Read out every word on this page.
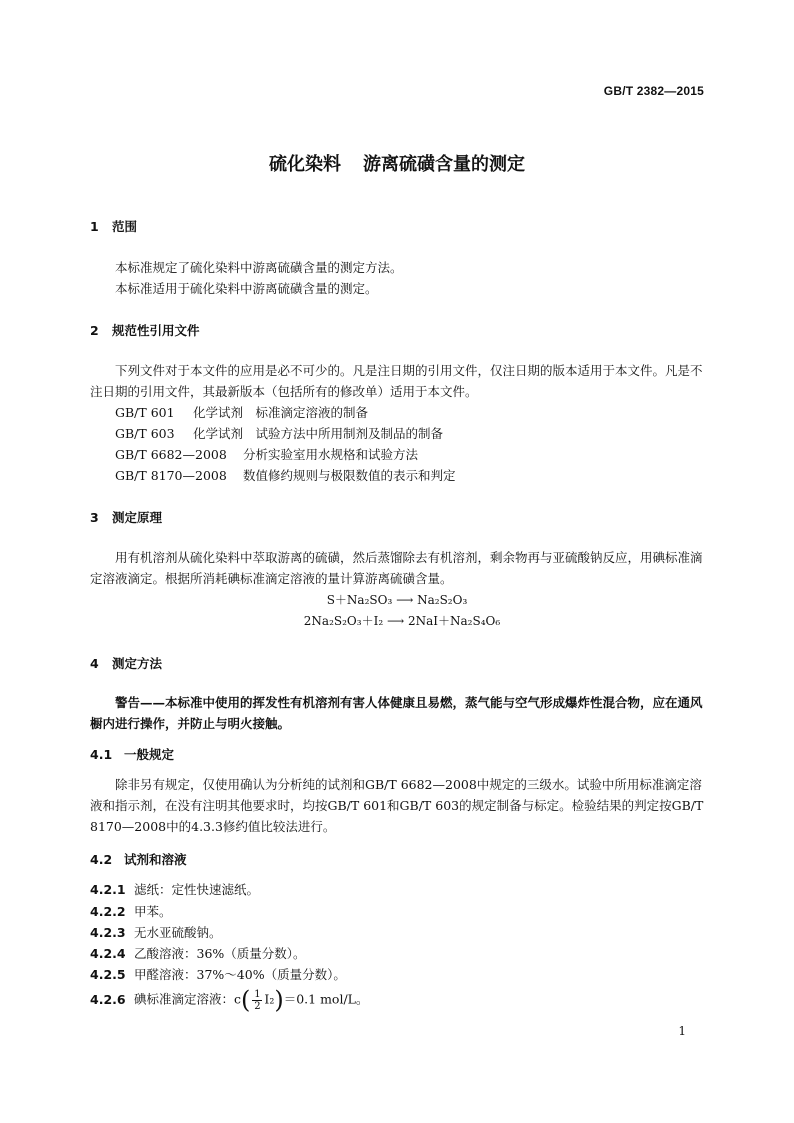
GB/T 2382—2015
硫化染料 游离硫磺含量的测定
1 范围
本标准规定了硫化染料中游离硫磺含量的测定方法。
本标准适用于硫化染料中游离硫磺含量的测定。
2 规范性引用文件
下列文件对于本文件的应用是必不可少的。凡是注日期的引用文件，仅注日期的版本适用于本文件。凡是不注日期的引用文件，其最新版本（包括所有的修改单）适用于本文件。
GB/T 601 化学试剂　标准滴定溶液的制备
GB/T 603 化学试剂　试验方法中所用制剂及制品的制备
GB/T 6682—2008 分析实验室用水规格和试验方法
GB/T 8170—2008 数值修约规则与极限数值的表示和判定
3 测定原理
用有机溶剂从硫化染料中萃取游离的硫磺，然后蒸馏除去有机溶剂，剩余物再与亚硫酸钠反应，用碘标准滴定溶液滴定。根据所消耗碘标准滴定溶液的量计算游离硫磺含量。
S＋Na₂SO₃ ⟶ Na₂S₂O₃
2Na₂S₂O₃＋I₂ ⟶ 2NaI＋Na₂S₄O₆
4 测定方法
警告——本标准中使用的挥发性有机溶剂有害人体健康且易燃，蒸气能与空气形成爆炸性混合物，应在通风橱内进行操作，并防止与明火接触。
4.1 一般规定
除非另有规定，仅使用确认为分析纯的试剂和GB/T 6682—2008中规定的三级水。试验中所用标准滴定溶液和指示剂，在没有注明其他要求时，均按GB/T 601和GB/T 603的规定制备与标定。检验结果的判定按GB/T 8170—2008中的4.3.3修约值比较法进行。
4.2 试剂和溶液
4.2.1 滤纸：定性快速滤纸。
4.2.2 甲苯。
4.2.3 无水亚硫酸钠。
4.2.4 乙酸溶液：36%（质量分数）。
4.2.5 甲醛溶液：37%～40%（质量分数）。
4.2.6 碘标准滴定溶液：$c( \frac{1}{2} I_2)=0.1$ mol/L。
1
